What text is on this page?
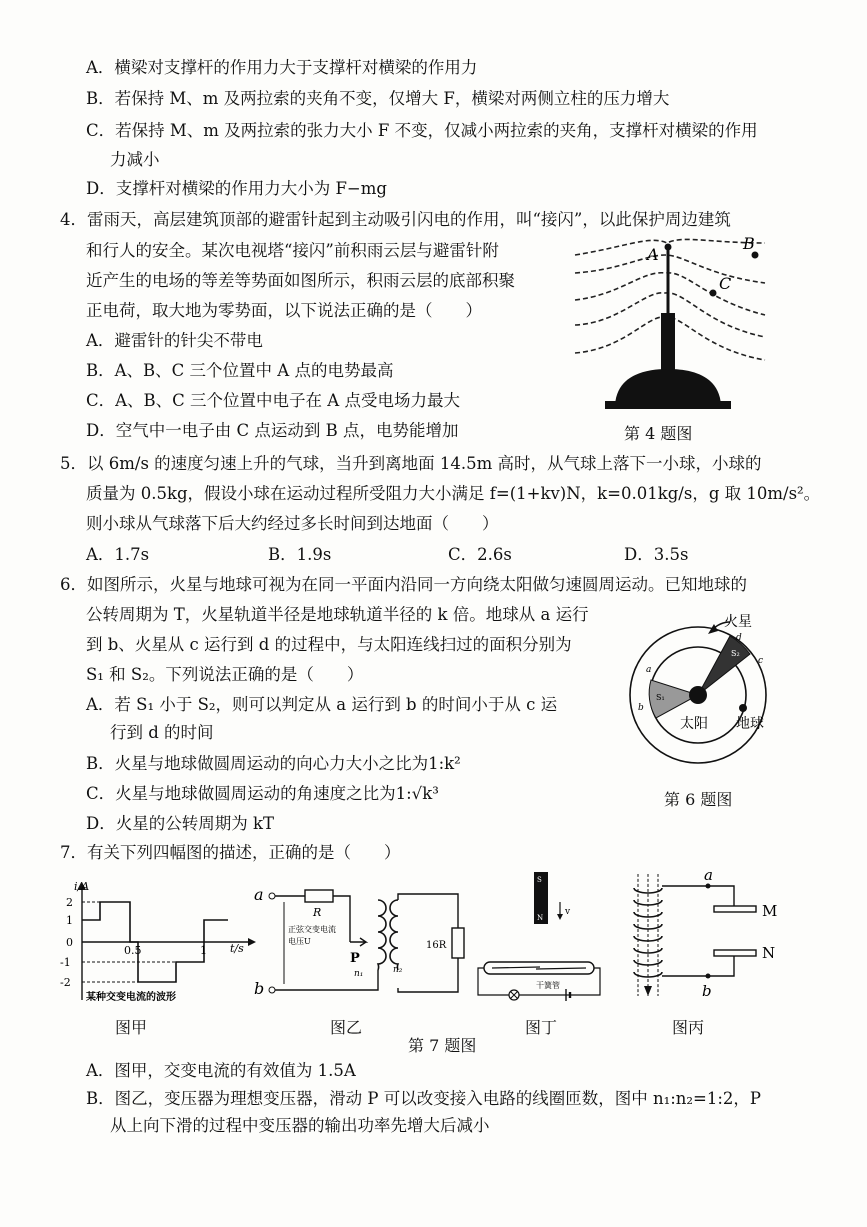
A．横梁对支撑杆的作用力大于支撑杆对横梁的作用力
B．若保持 M、m 及两拉索的夹角不变，仅增大 F，横梁对两侧立柱的压力增大
C．若保持 M、m 及两拉索的张力大小 F 不变，仅减小两拉索的夹角，支撑杆对横梁的作用
力减小
D．支撑杆对横梁的作用力大小为 F−mg
4．雷雨天，高层建筑顶部的避雷针起到主动吸引闪电的作用，叫“接闪”，以此保护周边建筑
和行人的安全。某次电视塔“接闪”前积雨云层与避雷针附
近产生的电场的等差等势面如图所示，积雨云层的底部积聚
正电荷，取大地为零势面，以下说法正确的是（　　）
A．避雷针的针尖不带电
B．A、B、C 三个位置中 A 点的电势最高
C．A、B、C 三个位置中电子在 A 点受电场力最大
D．空气中一电子由 C 点运动到 B 点，电势能增加
A
B
C
第 4 题图
5．以 6m/s 的速度匀速上升的气球，当升到离地面 14.5m 高时，从气球上落下一小球，小球的
质量为 0.5kg，假设小球在运动过程所受阻力大小满足 f=(1+kv)N，k=0.01kg/s，g 取 10m/s²。
则小球从气球落下后大约经过多长时间到达地面（　　）
A．1.7s	B．1.9s	C．2.6s	D．3.5s
6．如图所示，火星与地球可视为在同一平面内沿同一方向绕太阳做匀速圆周运动。已知地球的
公转周期为 T，火星轨道半径是地球轨道半径的 k 倍。地球从 a 运行
到 b、火星从 c 运行到 d 的过程中，与太阳连线扫过的面积分别为
S₁ 和 S₂。下列说法正确的是（　　）
A．若 S₁ 小于 S₂，则可以判定从 a 运行到 b 的时间小于从 c 运
行到 d 的时间
B．火星与地球做圆周运动的向心力大小之比为1:k²
C．火星与地球做圆周运动的角速度之比为1:√k³
D．火星的公转周期为 kT
火星
太阳 地球
a
b
c
d
S₁
S₂
第 6 题图
7．有关下列四幅图的描述，正确的是（　　）
i/A
t/s
2
1
0
-1
-2
0.5	1
某种交变电流的波形
图甲
a
b
R
正弦交变电流
电压U
P
n₁	n₂
16R
图乙
第 7 题图
S
N
v
干簧管
图丁
a
b
M
N
图丙
A．图甲，交变电流的有效值为 1.5A
B．图乙，变压器为理想变压器，滑动 P 可以改变接入电路的线圈匝数，图中 n₁:n₂=1:2，P
从上向下滑的过程中变压器的输出功率先增大后减小
